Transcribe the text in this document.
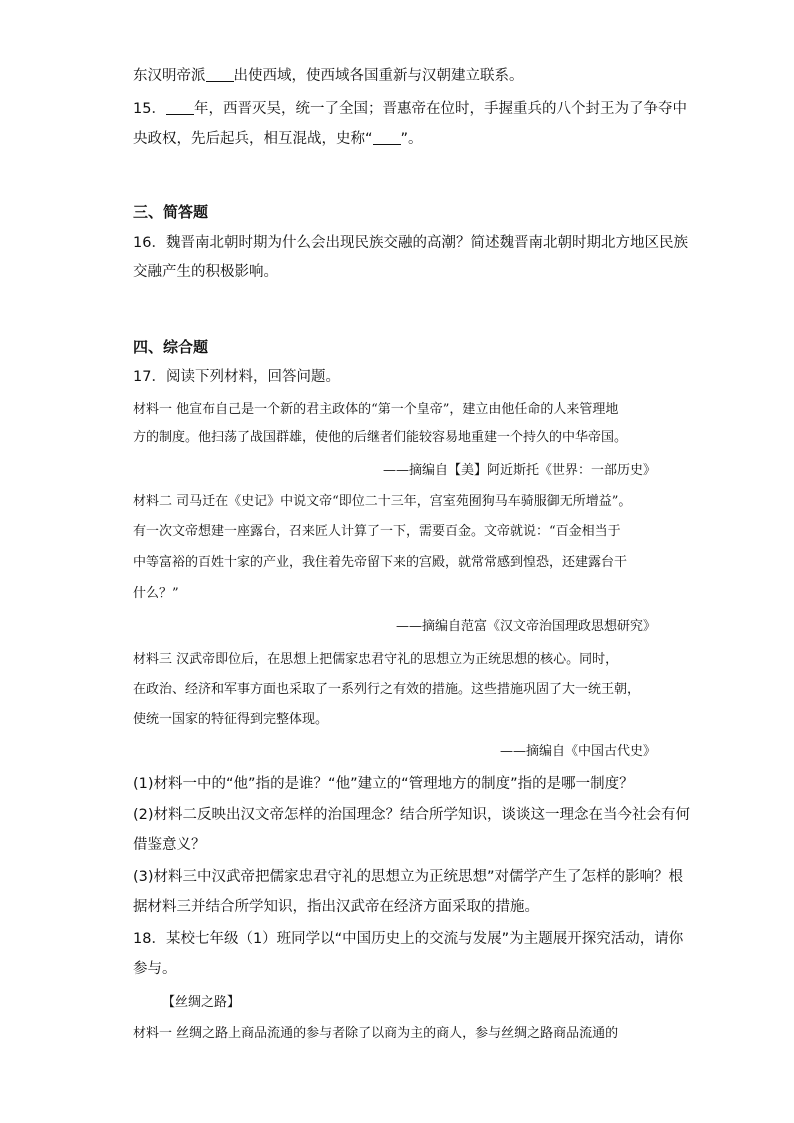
东汉明帝派 出使西域，使西域各国重新与汉朝建立联系。
15． 年，西晋灭吴，统一了全国；晋惠帝在位时，手握重兵的八个封王为了争夺中
央政权，先后起兵，相互混战，史称“ ”。
三、简答题
16．魏晋南北朝时期为什么会出现民族交融的高潮？简述魏晋南北朝时期北方地区民族
交融产生的积极影响。
四、综合题
17．阅读下列材料，回答问题。
材料一 他宣布自己是一个新的君主政体的“第一个皇帝”，建立由他任命的人来管理地
方的制度。他扫荡了战国群雄，使他的后继者们能较容易地重建一个持久的中华帝国。
——摘编自【美】阿近斯托《世界：一部历史》
材料二 司马迁在《史记》中说文帝“即位二十三年，宫室苑囿狗马车骑服御无所增益”。
有一次文帝想建一座露台，召来匠人计算了一下，需要百金。文帝就说：“百金相当于
中等富裕的百姓十家的产业，我住着先帝留下来的宫殿，就常常感到惶恐，还建露台干
什么？”
——摘编自范富《汉文帝治国理政思想研究》
材料三 汉武帝即位后，在思想上把儒家忠君守礼的思想立为正统思想的核心。同时，
在政治、经济和军事方面也采取了一系列行之有效的措施。这些措施巩固了大一统王朝，
使统一国家的特征得到完整体现。
——摘编自《中国古代史》
(1)材料一中的“他”指的是谁？“他”建立的“管理地方的制度”指的是哪一制度？
(2)材料二反映出汉文帝怎样的治国理念？结合所学知识，谈谈这一理念在当今社会有何
借鉴意义？
(3)材料三中汉武帝把儒家忠君守礼的思想立为正统思想”对儒学产生了怎样的影响？根
据材料三并结合所学知识，指出汉武帝在经济方面采取的措施。
18．某校七年级（1）班同学以“中国历史上的交流与发展”为主题展开探究活动，请你
参与。
【丝绸之路】
材料一 丝绸之路上商品流通的参与者除了以商为主的商人，参与丝绸之路商品流通的
